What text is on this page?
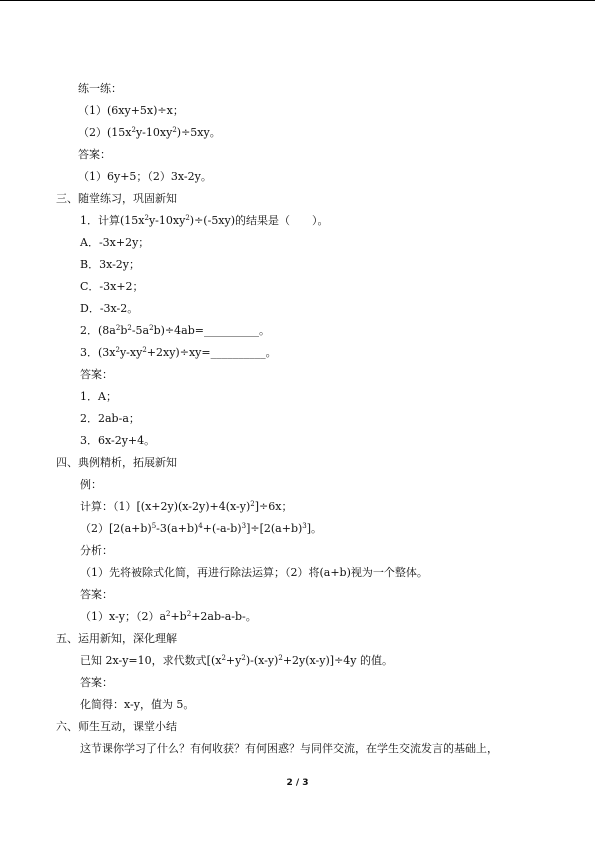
练一练：
（1）(6xy+5x)÷x；
$(2)(15x^2y-10xy^2)\div 5xy$。
答案：
（1）6y+5；（2）3x-2y。
三、随堂练习，巩固新知
1．计算$(15x^2y-10xy^2)\div(-5xy)$的结果是（　　）。
A．-3x+2y；
B．3x-2y；
C．-3x+2；
D．-3x-2。
2．$(8a^2b^2-5a^2b)\div 4ab=\_\_\_\_\_\_\_\_\_\_$。
3．$(3x^2y-xy^2+2xy)\div xy=\_\_\_\_\_\_\_\_\_\_$。
答案：
1．A；
2．2ab-a；
3．6x-2y+4。
四、典例精析，拓展新知
例：
计算：$(1)[(x+2y)(x-2y)+4(x-y)^2]\div 6x$；
$(2)[2(a+b)^5-3(a+b)^4+(-a-b)^3]\div[2(a+b)^3]$。
分析：
（1）先将被除式化简，再进行除法运算；（2）将(a+b)视为一个整体。
答案：
（1）x-y；$(2)a^2+b^2+2ab-a-b-$。
五、运用新知，深化理解
已知 2x-y=10，求代数式$[(x^2+y^2)-(x-y)^2+2y(x-y)]\div 4y$ 的值。
答案：
化简得：x-y，值为 5。
六、师生互动，课堂小结
这节课你学习了什么？有何收获？有何困惑？与同伴交流，在学生交流发言的基础上，
2 / 3
